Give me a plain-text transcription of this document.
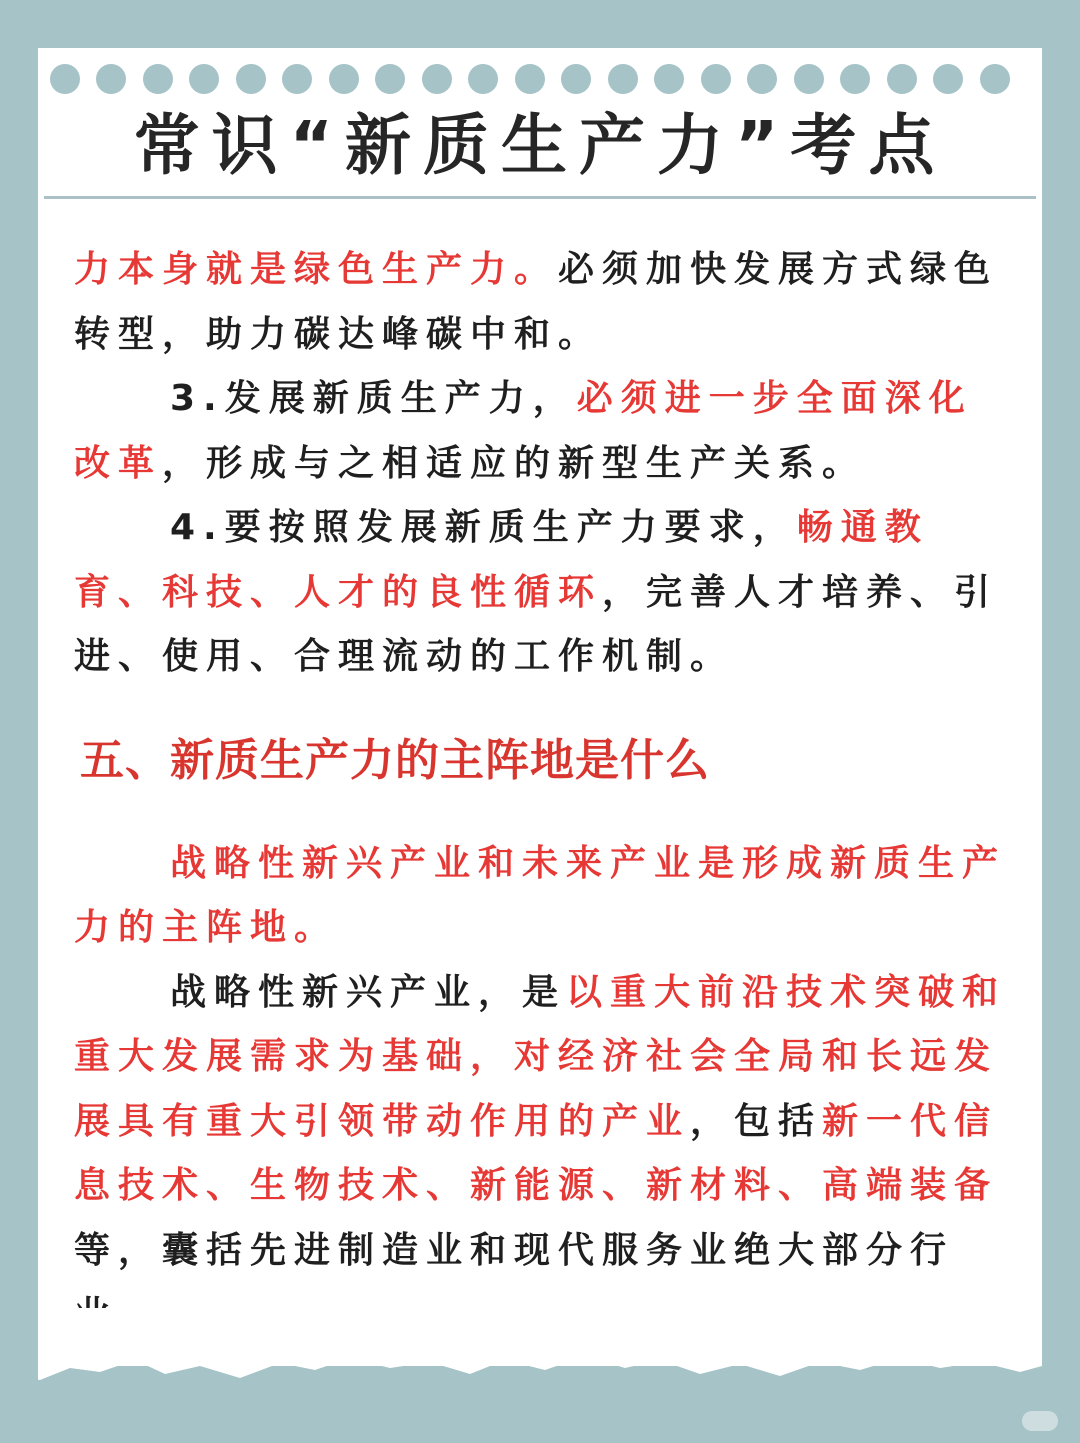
常识“新质生产力”考点

力本身就是绿色生产力。必须加快发展方式绿色转型，助力碳达峰碳中和。

3.发展新质生产力，必须进一步全面深化改革，形成与之相适应的新型生产关系。

4.要按照发展新质生产力要求，畅通教育、科技、人才的良性循环，完善人才培养、引进、使用、合理流动的工作机制。

五、新质生产力的主阵地是什么

战略性新兴产业和未来产业是形成新质生产力的主阵地。

战略性新兴产业，是以重大前沿技术突破和重大发展需求为基础，对经济社会全局和长远发展具有重大引领带动作用的产业，包括新一代信息技术、生物技术、新能源、新材料、高端装备等，囊括先进制造业和现代服务业绝大部分行
